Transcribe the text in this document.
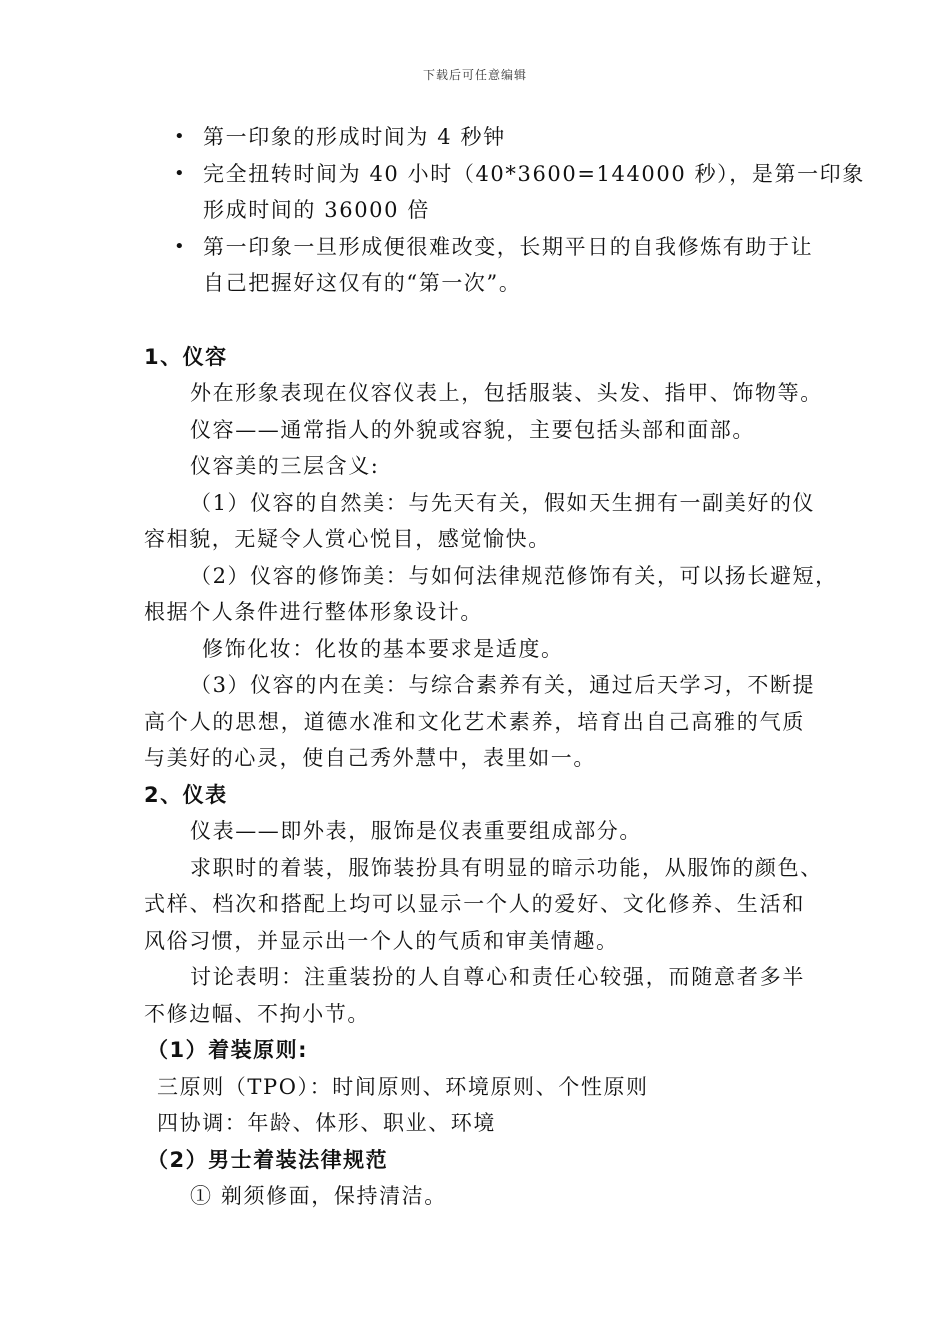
下载后可任意编辑
• 第一印象的形成时间为 4 秒钟
• 完全扭转时间为 40 小时（40*3600=144000 秒），是第一印象
形成时间的 36000 倍
• 第一印象一旦形成便很难改变，长期平日的自我修炼有助于让
自己把握好这仅有的“第一次”。
1、仪容
外在形象表现在仪容仪表上，包括服装、头发、指甲、饰物等。
仪容——通常指人的外貌或容貌，主要包括头部和面部。
仪容美的三层含义:
（1）仪容的自然美：与先天有关，假如天生拥有一副美好的仪
容相貌，无疑令人赏心悦目，感觉愉快。
（2）仪容的修饰美：与如何法律规范修饰有关，可以扬长避短，
根据个人条件进行整体形象设计。
修饰化妆：化妆的基本要求是适度。
（3）仪容的内在美：与综合素养有关，通过后天学习，不断提
高个人的思想，道德水准和文化艺术素养，培育出自己高雅的气质
与美好的心灵，使自己秀外慧中，表里如一。
2、仪表
仪表——即外表，服饰是仪表重要组成部分。
求职时的着装，服饰装扮具有明显的暗示功能，从服饰的颜色、
式样、档次和搭配上均可以显示一个人的爱好、文化修养、生活和
风俗习惯，并显示出一个人的气质和审美情趣。
讨论表明：注重装扮的人自尊心和责任心较强，而随意者多半
不修边幅、不拘小节。
（1）着装原则:
三原则（TPO）：时间原则、环境原则、个性原则
四协调：年龄、体形、职业、环境
（2）男士着装法律规范
① 剃须修面，保持清洁。
